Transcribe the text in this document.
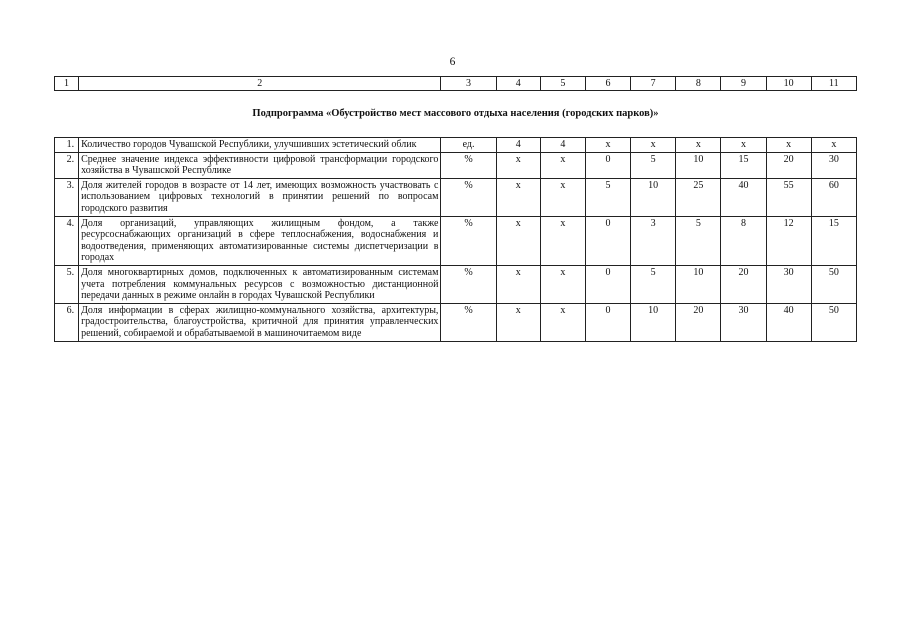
6
1	2	3	4	5	6	7	8	9	10	11
Подпрограмма «Обустройство мест массового отдыха населения (городских парков)»										
1.	Количество городов Чувашской Республики, улучшивших эстетический облик	ед.	4	4	х	х	х	х	х	х
2.	Среднее значение индекса эффективности цифровой трансформации городского хозяйства в Чувашской Республике	%	х	х	0	5	10	15	20	30
3.	Доля жителей городов в возрасте от 14 лет, имеющих возможность участвовать с использованием цифровых технологий в принятии решений по вопросам городского развития	%	х	х	5	10	25	40	55	60
4.	Доля организаций, управляющих жилищным фондом, а также ресурсоснабжающих организаций в сфере теплоснабжения, водоснабжения и водоотведения, применяющих автоматизированные системы диспетчеризации в городах	%	х	х	0	3	5	8	12	15
5.	Доля многоквартирных домов, подключенных к автоматизированным системам учета потребления коммунальных ресурсов с возможностью дистанционной передачи данных в режиме онлайн в городах Чувашской Республики	%	х	х	0	5	10	20	30	50
6.	Доля информации в сферах жилищно-коммунального хозяйства, архитектуры, градостроительства, благоустройства, критичной для принятия управленческих решений, собираемой и обрабатываемой в машиночитаемом виде	%	х	х	0	10	20	30	40	50
